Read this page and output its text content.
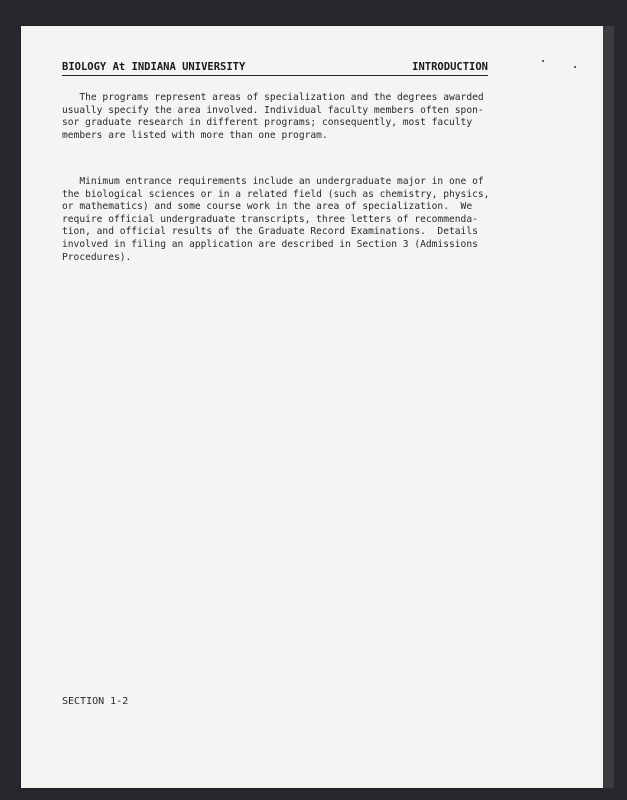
BIOLOGY At INDIANA UNIVERSITY	INTRODUCTION

The programs represent areas of specialization and the degrees awarded
usually specify the area involved. Individual faculty members often spon-
sor graduate research in different programs; consequently, most faculty
members are listed with more than one program.

Minimum entrance requirements include an undergraduate major in one of
the biological sciences or in a related field (such as chemistry, physics,
or mathematics) and some course work in the area of specialization.  We
require official undergraduate transcripts, three letters of recommenda-
tion, and official results of the Graduate Record Examinations.  Details
involved in filing an application are described in Section 3 (Admissions
Procedures).

SECTION 1-2
